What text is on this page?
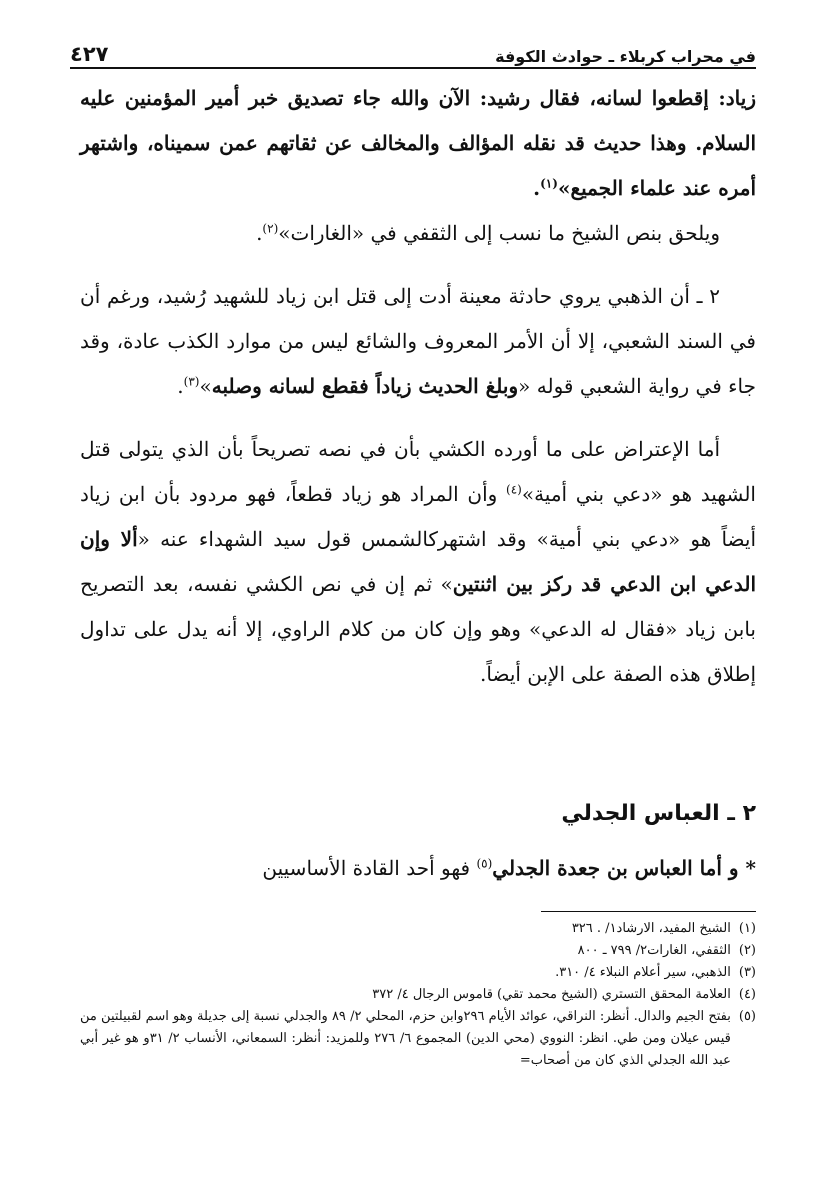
في محراب كربلاء ـ حوادث الكوفة
٤٢٧

زياد: إقطعوا لسانه، فقال رشيد: الآن والله جاء تصديق خبر أمير المؤمنين عليه السلام. وهذا حديث قد نقله المؤالف والمخالف عن ثقاتهم عمن سميناه، واشتهر أمره عند علماء الجميع»$^{(١)}$.

ويلحق بنص الشيخ ما نسب إلى الثقفي في «الغارات»$^{(٢)}$.

٢ ـ أن الذهبي يروي حادثة معينة أدت إلى قتل ابن زياد للشهيد رُشيد، ورغم أن في السند الشعبي، إلا أن الأمر المعروف والشائع ليس من موارد الكذب عادة، وقد جاء في رواية الشعبي قوله «وبلغ الحديث زياداً فقطع لسانه وصلبه»$^{(٣)}$.

أما الإعتراض على ما أورده الكشي بأن في نصه تصريحاً بأن الذي يتولى قتل الشهيد هو «دعي بني أمية»$^{(٤)}$ وأن المراد هو زياد قطعاً، فهو مردود بأن ابن زياد أيضاً هو «دعي بني أمية» وقد اشتهركالشمس قول سيد الشهداء عنه «ألا وإن الدعي ابن الدعي قد ركز بين اثنتين» ثم إن في نص الكشي نفسه، بعد التصريح بابن زياد «فقال له الدعي» وهو وإن كان من كلام الراوي، إلا أنه يدل على تداول إطلاق هذه الصفة على الإبن أيضاً.

٢ ـ العباس الجدلي

* و أما العباس بن جعدة الجدلي$^{(٥)}$ فهو أحد القادة الأساسيين

(١)
الشيخ المفيد، الارشاد١/ . ٣٢٦
(٢)
الثقفي، الغارات٢/ ٧٩٩ ـ ٨٠٠
(٣)
الذهبي، سير أعلام النبلاء ٤/ ٣١٠.
(٤)
العلامة المحقق التستري (الشيخ محمد تقي) قاموس الرجال ٤/ ٣٧٢
(٥)
بفتح الجيم والدال. أنظر: النراقي، عوائد الأيام ٢٩٦وابن حزم، المحلي ٢/ ٨٩ والجدلي نسبة إلى جديلة وهو اسم لقبيلتين من قيس عيلان ومن طي. انظر: النووي (محي الدين) المجموع ٦/ ٢٧٦ وللمزيد: أنظر: السمعاني، الأنساب ٢/ ٣١و هو غير أبي عبد الله الجدلي الذي كان من أصحاب=
